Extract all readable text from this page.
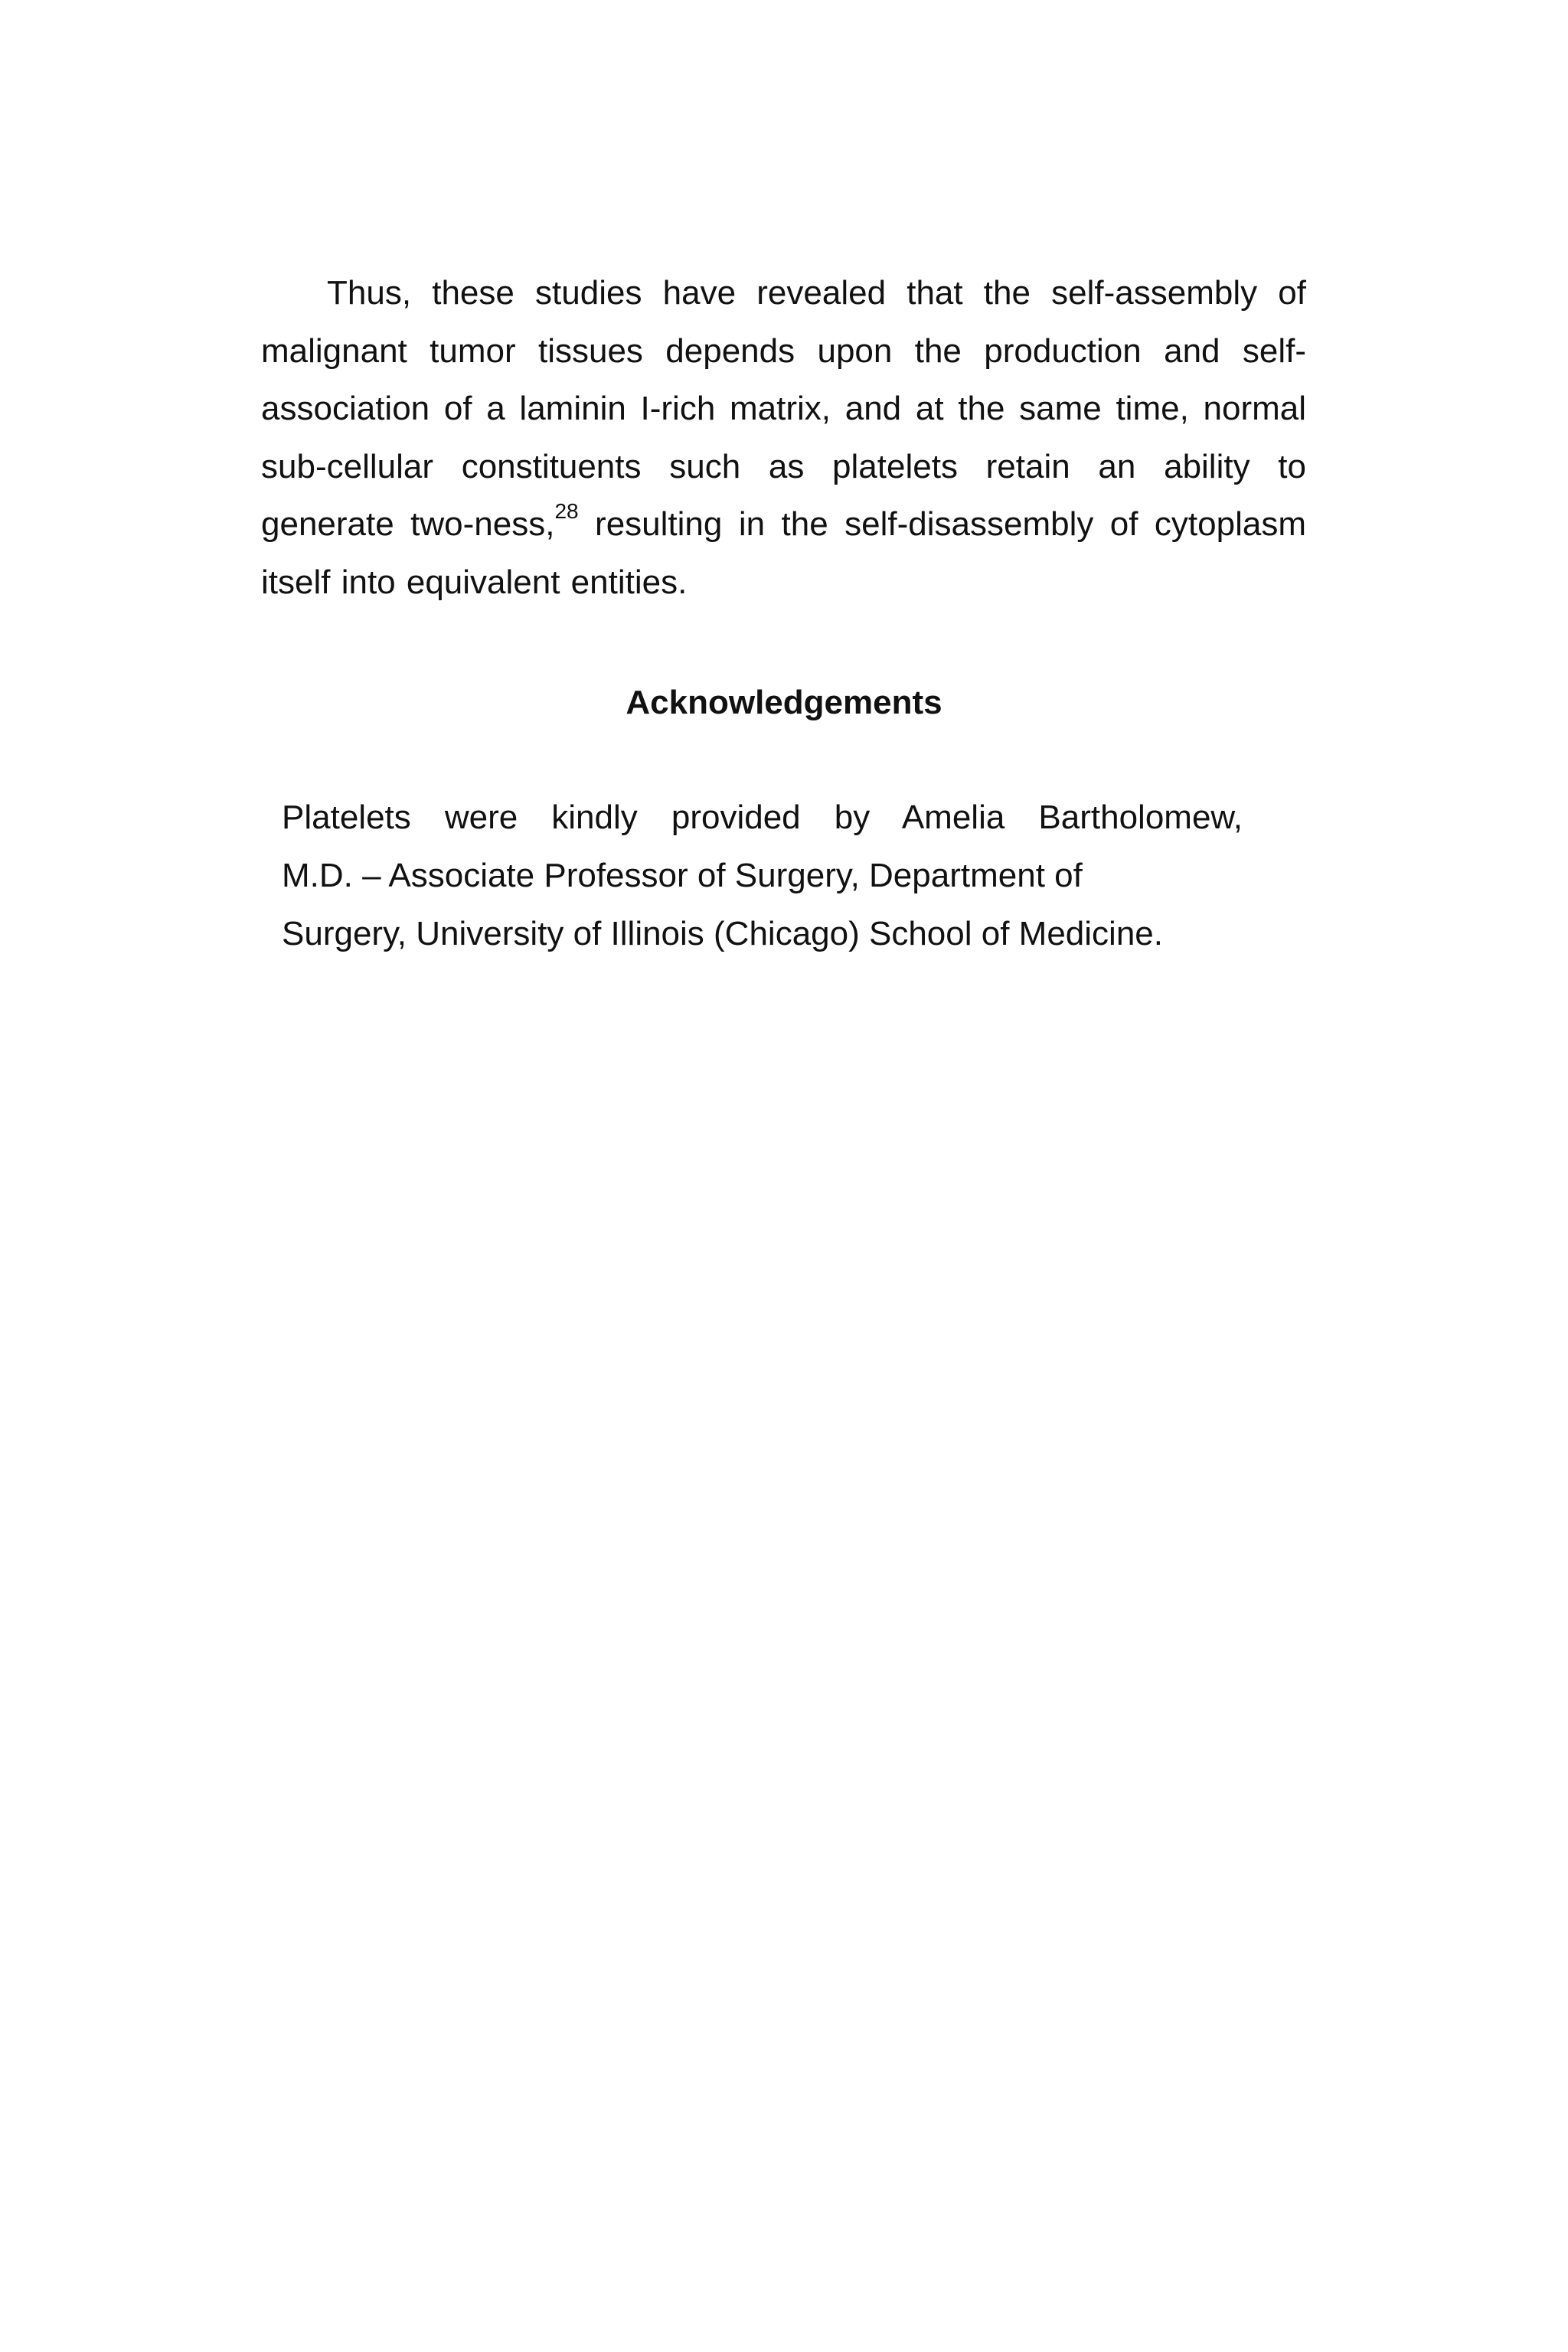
Thus, these studies have revealed that the self-assembly of malignant tumor tissues depends upon the production and self-association of a laminin I-rich matrix, and at the same time, normal sub-cellular constituents such as platelets retain an ability to generate two-ness,$^{28}$ resulting in the self-disassembly of cytoplasm itself into equivalent entities.

Acknowledgements

Platelets were kindly provided by Amelia Bartholomew,
M.D. – Associate Professor of Surgery, Department of
Surgery, University of Illinois (Chicago) School of Medicine.
